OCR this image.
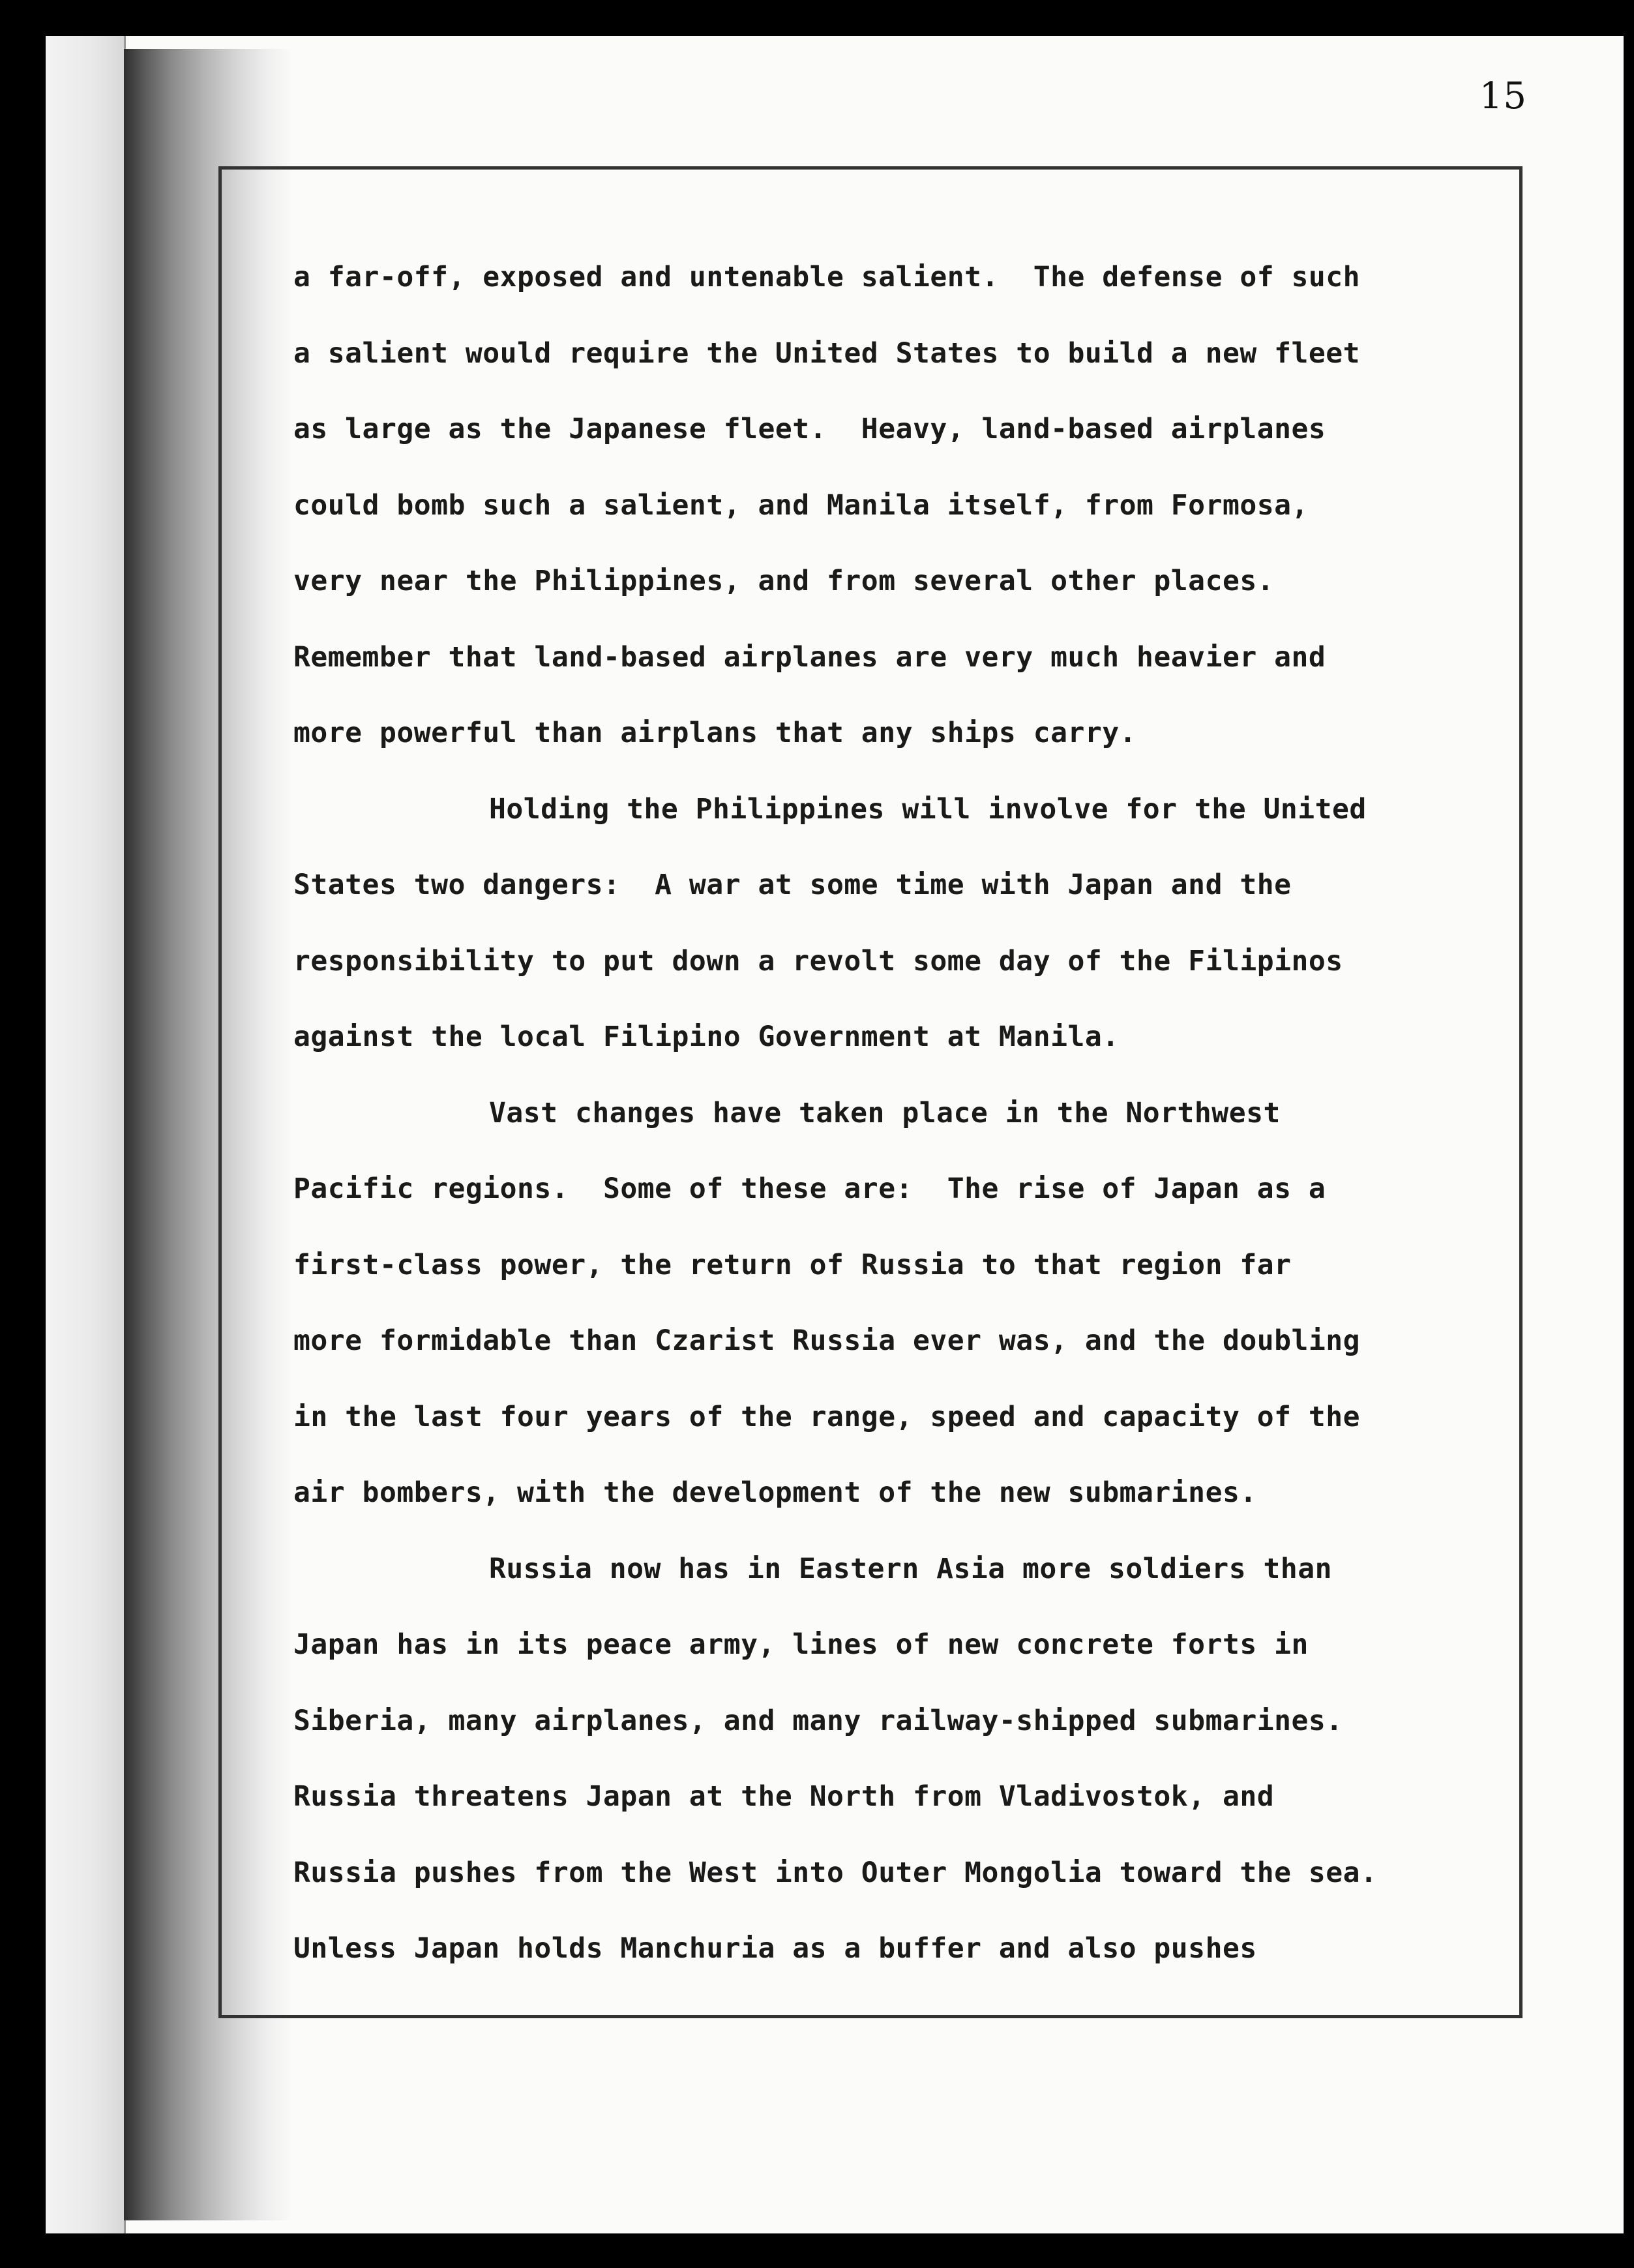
15
a far-off, exposed and untenable salient.  The defense of such
a salient would require the United States to build a new fleet
as large as the Japanese fleet.  Heavy, land-based airplanes
could bomb such a salient, and Manila itself, from Formosa,
very near the Philippines, and from several other places.
Remember that land-based airplanes are very much heavier and
more powerful than airplans that any ships carry.
Holding the Philippines will involve for the United
States two dangers:  A war at some time with Japan and the
responsibility to put down a revolt some day of the Filipinos
against the local Filipino Government at Manila.
Vast changes have taken place in the Northwest
Pacific regions.  Some of these are:  The rise of Japan as a
first-class power, the return of Russia to that region far
more formidable than Czarist Russia ever was, and the doubling
in the last four years of the range, speed and capacity of the
air bombers, with the development of the new submarines.
Russia now has in Eastern Asia more soldiers than
Japan has in its peace army, lines of new concrete forts in
Siberia, many airplanes, and many railway-shipped submarines.
Russia threatens Japan at the North from Vladivostok, and
Russia pushes from the West into Outer Mongolia toward the sea.
Unless Japan holds Manchuria as a buffer and also pushes
